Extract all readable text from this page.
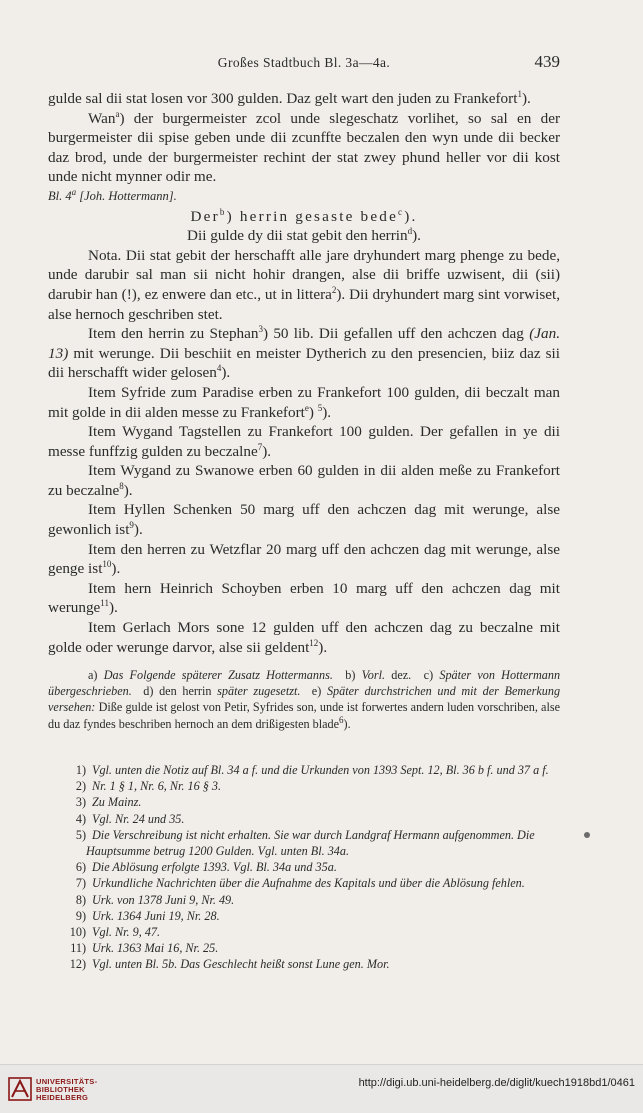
Großes Stadtbuch Bl. 3a—4a.	439

gulde sal dii stat losen vor 300 gulden. Daz gelt wart den juden zu Frankefort$^1$).

Wan$^a$) der burgermeister zcol unde slegeschatz vorlihet, so sal en der burgermeister dii spise geben unde dii zcunffte beczalen den wyn unde dii becker daz brod, unde der burgermeister rechint der stat zwey phund heller vor dii kost unde nicht mynner odir me.

Bl. 4$^a$ [Joh. Hottermann].

Der$^b$) herrin gesaste bede$^c$).

Dii gulde dy dii stat gebit den herrin$^d$).

Nota. Dii stat gebit der herschafft alle jare dryhundert marg phenge zu bede, unde darubir sal man sii nicht hohir drangen, alse dii briffe uzwisent, dii (sii) darubir han (!), ez enwere dan etc., ut in littera$^2$). Dii dryhundert marg sint vorwiset, alse hernoch geschriben stet.

Item den herrin zu Stephan$^3$) 50 lib. Dii gefallen uff den achczen dag (Jan. 13) mit werunge. Dii beschiit en meister Dytherich zu den presencien, biiz daz sii dii herschafft wider gelosen$^4$).

Item Syfride zum Paradise erben zu Frankefort 100 gulden, dii beczalt man mit golde in dii alden messe zu Frankefort$^e$) $^5$).

Item Wygand Tagstellen zu Frankefort 100 gulden. Der gefallen in ye dii messe funffzig gulden zu beczalne$^7$).

Item Wygand zu Swanowe erben 60 gulden in dii alden meße zu Frankefort zu beczalne$^8$).

Item Hyllen Schenken 50 marg uff den achczen dag mit werunge, alse gewonlich ist$^9$).

Item den herren zu Wetzflar 20 marg uff den achczen dag mit werunge, alse genge ist$^{10}$).

Item hern Heinrich Schoyben erben 10 marg uff den achczen dag mit werunge$^{11}$).

Item Gerlach Mors sone 12 gulden uff den achczen dag zu beczalne mit golde oder werunge darvor, alse sii geldent$^{12}$).

a) Das Folgende späterer Zusatz Hottermanns. b) Vorl. dez. c) Später von Hottermann übergeschrieben. d) den herrin später zugesetzt. e) Später durchstrichen und mit der Bemerkung versehen: Diße gulde ist gelost von Petir, Syfrides son, unde ist forwertes andern luden vorschriben, alse du daz fyndes beschriben hernoch an dem drißigesten blade$^6$).

1) Vgl. unten die Notiz auf Bl. 34 a f. und die Urkunden von 1393 Sept. 12, Bl. 36 b f. und 37 a f.

2) Nr. 1 § 1, Nr. 6, Nr. 16 § 3.

3) Zu Mainz.

4) Vgl. Nr. 24 und 35.

5) Die Verschreibung ist nicht erhalten. Sie war durch Landgraf Hermann aufgenommen. Die Hauptsumme betrug 1200 Gulden. Vgl. unten Bl. 34a.

6) Die Ablösung erfolgte 1393. Vgl. Bl. 34a und 35a.

7) Urkundliche Nachrichten über die Aufnahme des Kapitals und über die Ablösung fehlen.

8) Urk. von 1378 Juni 9, Nr. 49.

9) Urk. 1364 Juni 19, Nr. 28.

10) Vgl. Nr. 9, 47.

11) Urk. 1363 Mai 16, Nr. 25.

12) Vgl. unten Bl. 5b. Das Geschlecht heißt sonst Lune gen. Mor.

UNIVERSITÄTS-
BIBLIOTHEK
HEIDELBERG
http://digi.ub.uni-heidelberg.de/diglit/kuech1918bd1/0461
